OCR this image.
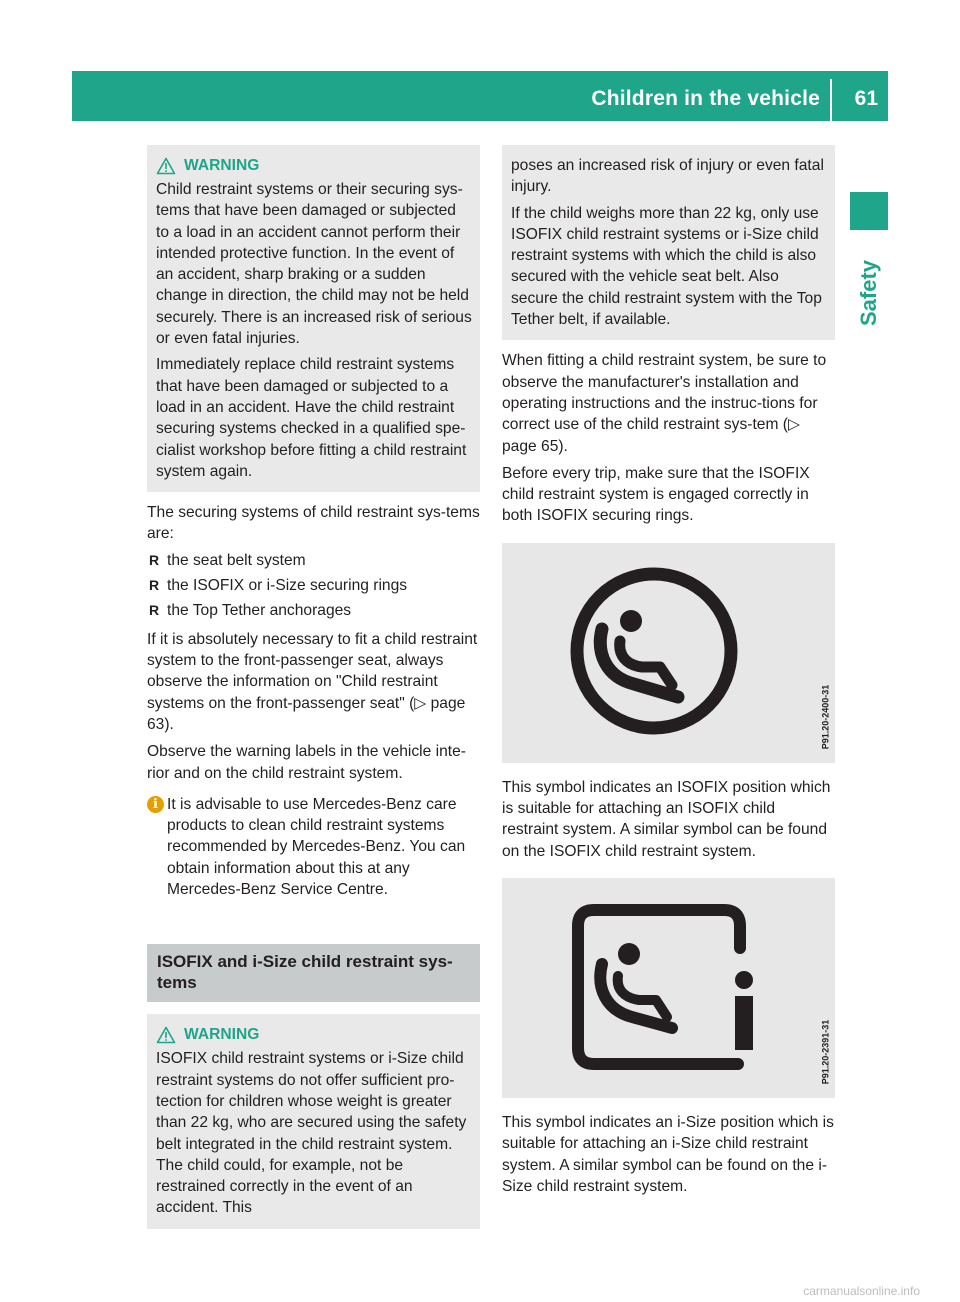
Children in the vehicle 61
Safety
WARNING

Child restraint systems or their securing sys-tems that have been damaged or subjected to a load in an accident cannot perform their intended protective function. In the event of an accident, sharp braking or a sudden change in direction, the child may not be held securely. There is an increased risk of serious or even fatal injuries.

Immediately replace child restraint systems that have been damaged or subjected to a load in an accident. Have the child restraint securing systems checked in a qualified spe-cialist workshop before fitting a child restraint system again.

The securing systems of child restraint sys-tems are:

R the seat belt system
R the ISOFIX or i-Size securing rings
R the Top Tether anchorages

If it is absolutely necessary to fit a child restraint system to the front-passenger seat, always observe the information on "Child restraint systems on the front-passenger seat" (▷ page 63).

Observe the warning labels in the vehicle inte-rior and on the child restraint system.

i It is advisable to use Mercedes-Benz care products to clean child restraint systems recommended by Mercedes-Benz. You can obtain information about this at any Mercedes-Benz Service Centre.

ISOFIX and i-Size child restraint sys-tems
WARNING

ISOFIX child restraint systems or i-Size child restraint systems do not offer sufficient pro-tection for children whose weight is greater than 22 kg, who are secured using the safety belt integrated in the child restraint system. The child could, for example, not be restrained correctly in the event of an accident. This

poses an increased risk of injury or even fatal injury.

If the child weighs more than 22 kg, only use ISOFIX child restraint systems or i-Size child restraint systems with which the child is also secured with the vehicle seat belt. Also secure the child restraint system with the Top Tether belt, if available.

When fitting a child restraint system, be sure to observe the manufacturer's installation and operating instructions and the instruc-tions for correct use of the child restraint sys-tem (▷ page 65).

Before every trip, make sure that the ISOFIX child restraint system is engaged correctly in both ISOFIX securing rings.

P91.20-2400-31

This symbol indicates an ISOFIX position which is suitable for attaching an ISOFIX child restraint system. A similar symbol can be found on the ISOFIX child restraint system.

P91.20-2391-31

This symbol indicates an i-Size position which is suitable for attaching an i-Size child restraint system. A similar symbol can be found on the i-Size child restraint system.

carmanualsonline.info
